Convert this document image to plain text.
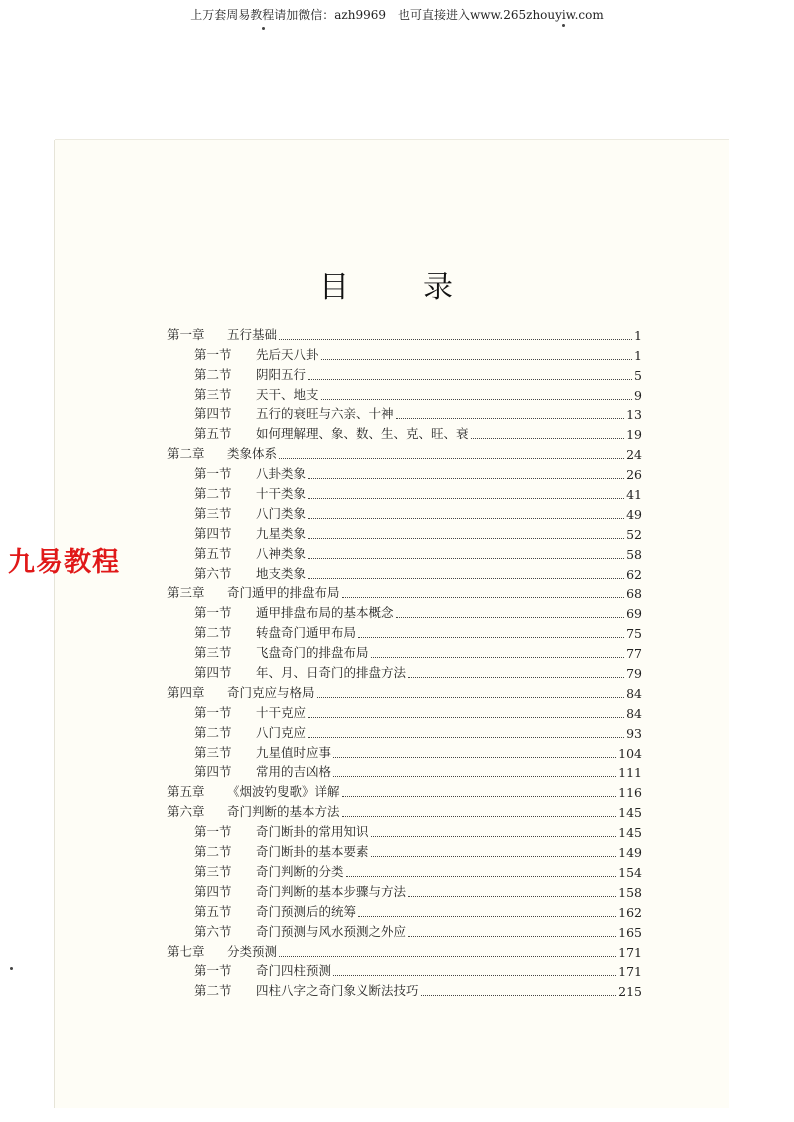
上万套周易教程请加微信：azh9969　也可直接进入www.265zhouyiw.com
目　录
九易教程
第一章	五行基础	1
第一节	先后天八卦	1
第二节	阴阳五行	5
第三节	天干、地支	9
第四节	五行的衰旺与六亲、十神	13
第五节	如何理解理、象、数、生、克、旺、衰	19
第二章	类象体系	24
第一节	八卦类象	26
第二节	十干类象	41
第三节	八门类象	49
第四节	九星类象	52
第五节	八神类象	58
第六节	地支类象	62
第三章	奇门遁甲的排盘布局	68
第一节	遁甲排盘布局的基本概念	69
第二节	转盘奇门遁甲布局	75
第三节	飞盘奇门的排盘布局	77
第四节	年、月、日奇门的排盘方法	79
第四章	奇门克应与格局	84
第一节	十干克应	84
第二节	八门克应	93
第三节	九星值时应事	104
第四节	常用的吉凶格	111
第五章	《烟波钓叟歌》详解	116
第六章	奇门判断的基本方法	145
第一节	奇门断卦的常用知识	145
第二节	奇门断卦的基本要素	149
第三节	奇门判断的分类	154
第四节	奇门判断的基本步骤与方法	158
第五节	奇门预测后的统筹	162
第六节	奇门预测与风水预测之外应	165
第七章	分类预测	171
第一节	奇门四柱预测	171
第二节	四柱八字之奇门象义断法技巧	215
